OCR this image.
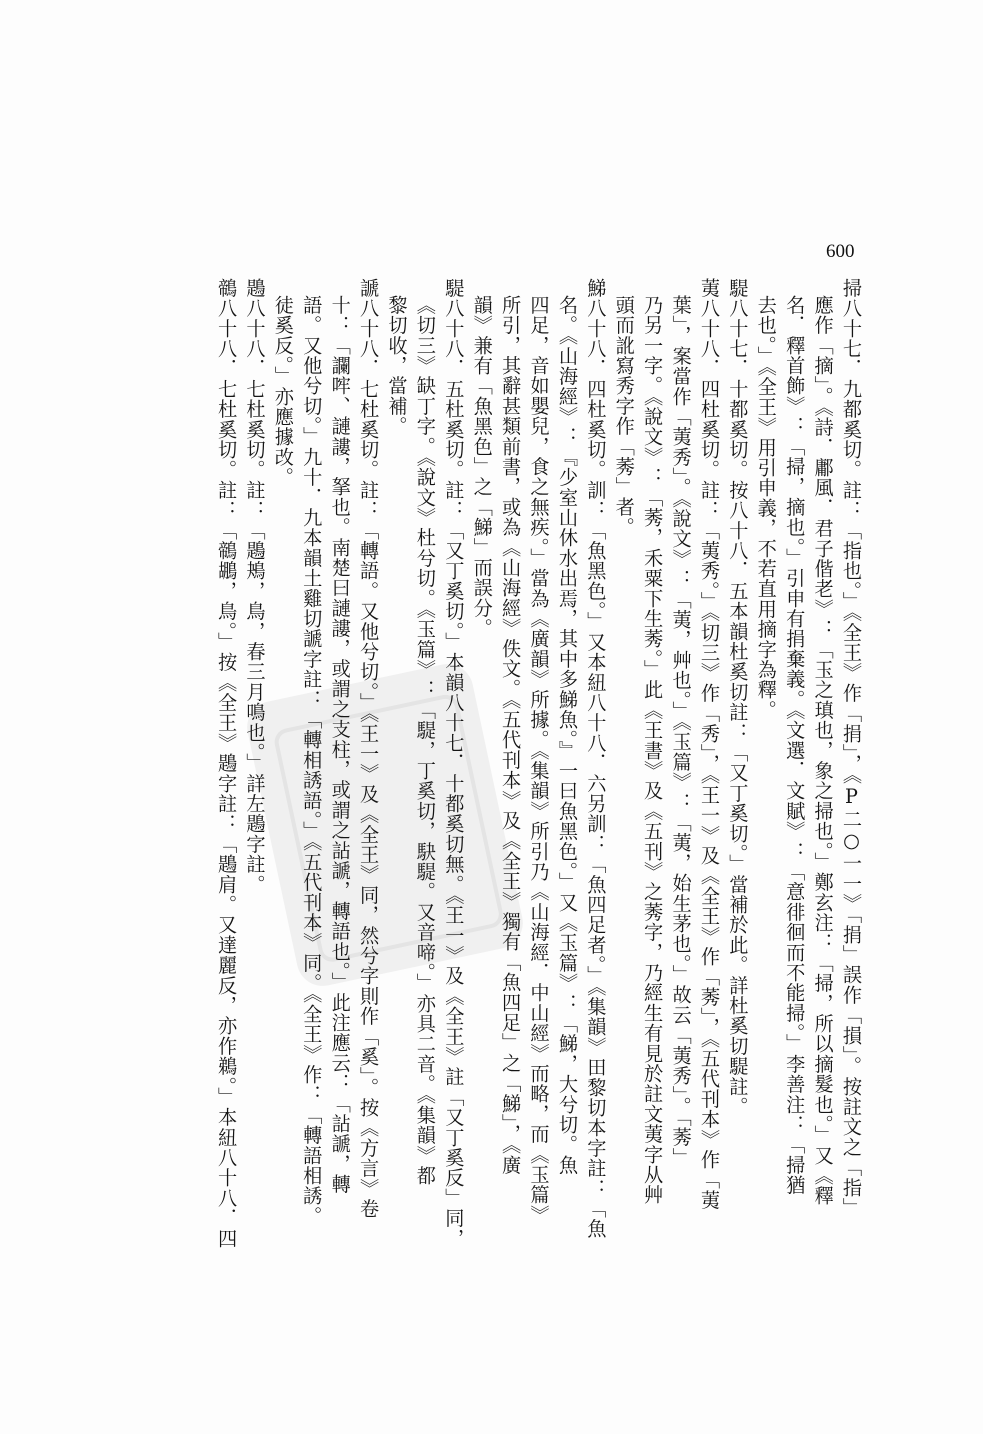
600
掃八十七．九都奚切。註：「指也。」《全王》作「捐」，《P二○一一》「捐」誤作「損」。按註文之「指」
應作「摘」。《詩．鄘風．君子偕老》：「玉之瑱也，象之掃也。」鄭玄注：「掃，所以摘髮也。」又《釋
名．釋首飾》：「掃，摘也。」引申有捐棄義。《文選．文賦》：「意徘徊而不能掃。」李善注：「掃猶
去也。」《全王》用引申義，不若直用摘字為釋。
騠八十七．十都奚切。按八十八．五本韻杜奚切註：「又丁奚切。」當補於此。詳杜奚切騠註。
荑八十八．四杜奚切。註：「荑秀。」《切三》作「秀」，《王一》及《全王》作「莠」，《五代刊本》作「荑
葉」，案當作「荑秀」。《說文》：「荑，艸也。」《玉篇》：「荑，始生茅也。」故云「荑秀」。「莠」
乃另一字。《說文》：「莠，禾粟下生莠。」此《王書》及《五刊》之莠字，乃經生有見於註文荑字从艸
頭而訛寫秀字作「莠」者。
鮷八十八．四杜奚切。訓：「魚黑色。」又本紐八十八．六另訓：「魚四足者。」《集韻》田黎切本字註：「魚
名。《山海經》：『少室山休水出焉，其中多鮷魚。』一曰魚黑色。」又《玉篇》：「鮷，大兮切。魚
四足，音如嬰兒，食之無疾。」當為《廣韻》所據。《集韻》所引乃《山海經．中山經》而略，而《玉篇》
所引，其辭甚類前書，或為《山海經》佚文。《五代刊本》及《全王》獨有「魚四足」之「鮷」，《廣
韻》兼有「魚黑色」之「鮷」而誤分。
騠八十八．五杜奚切。註：「又丁奚切。」本韻八十七．十都奚切無。《王一》及《全王》註「又丁奚反」同，
《切三》缺丁字。《說文》杜兮切。《玉篇》：「騠，丁奚切，駃騠。又音啼。」亦具二音。《集韻》都
黎切收，當補。
謕八十八．七杜奚切。註：「轉語。又他兮切。」《王一》及《全王》同，然兮字則作「奚」。按《方言》卷
十：「讕哰、謰謱，拏也。南楚曰謰謱，或謂之支柱，或謂之詀謕，轉語也。」此注應云：「詀謕，轉
語。又他兮切。」九十．九本韻土雞切謕字註：「轉相誘語。」《五代刊本》同。《全王》作：「轉語相誘。
徒奚反。」亦應據改。
鶗八十八．七杜奚切。註：「鶗鴂，鳥，春三月鳴也。」詳左鶗字註。
鶙八十八．七杜奚切。註：「鶙鶘，鳥。」按《全王》鶗字註：「鶗肩。又達麗反，亦作鵜。」本紐八十八．四
